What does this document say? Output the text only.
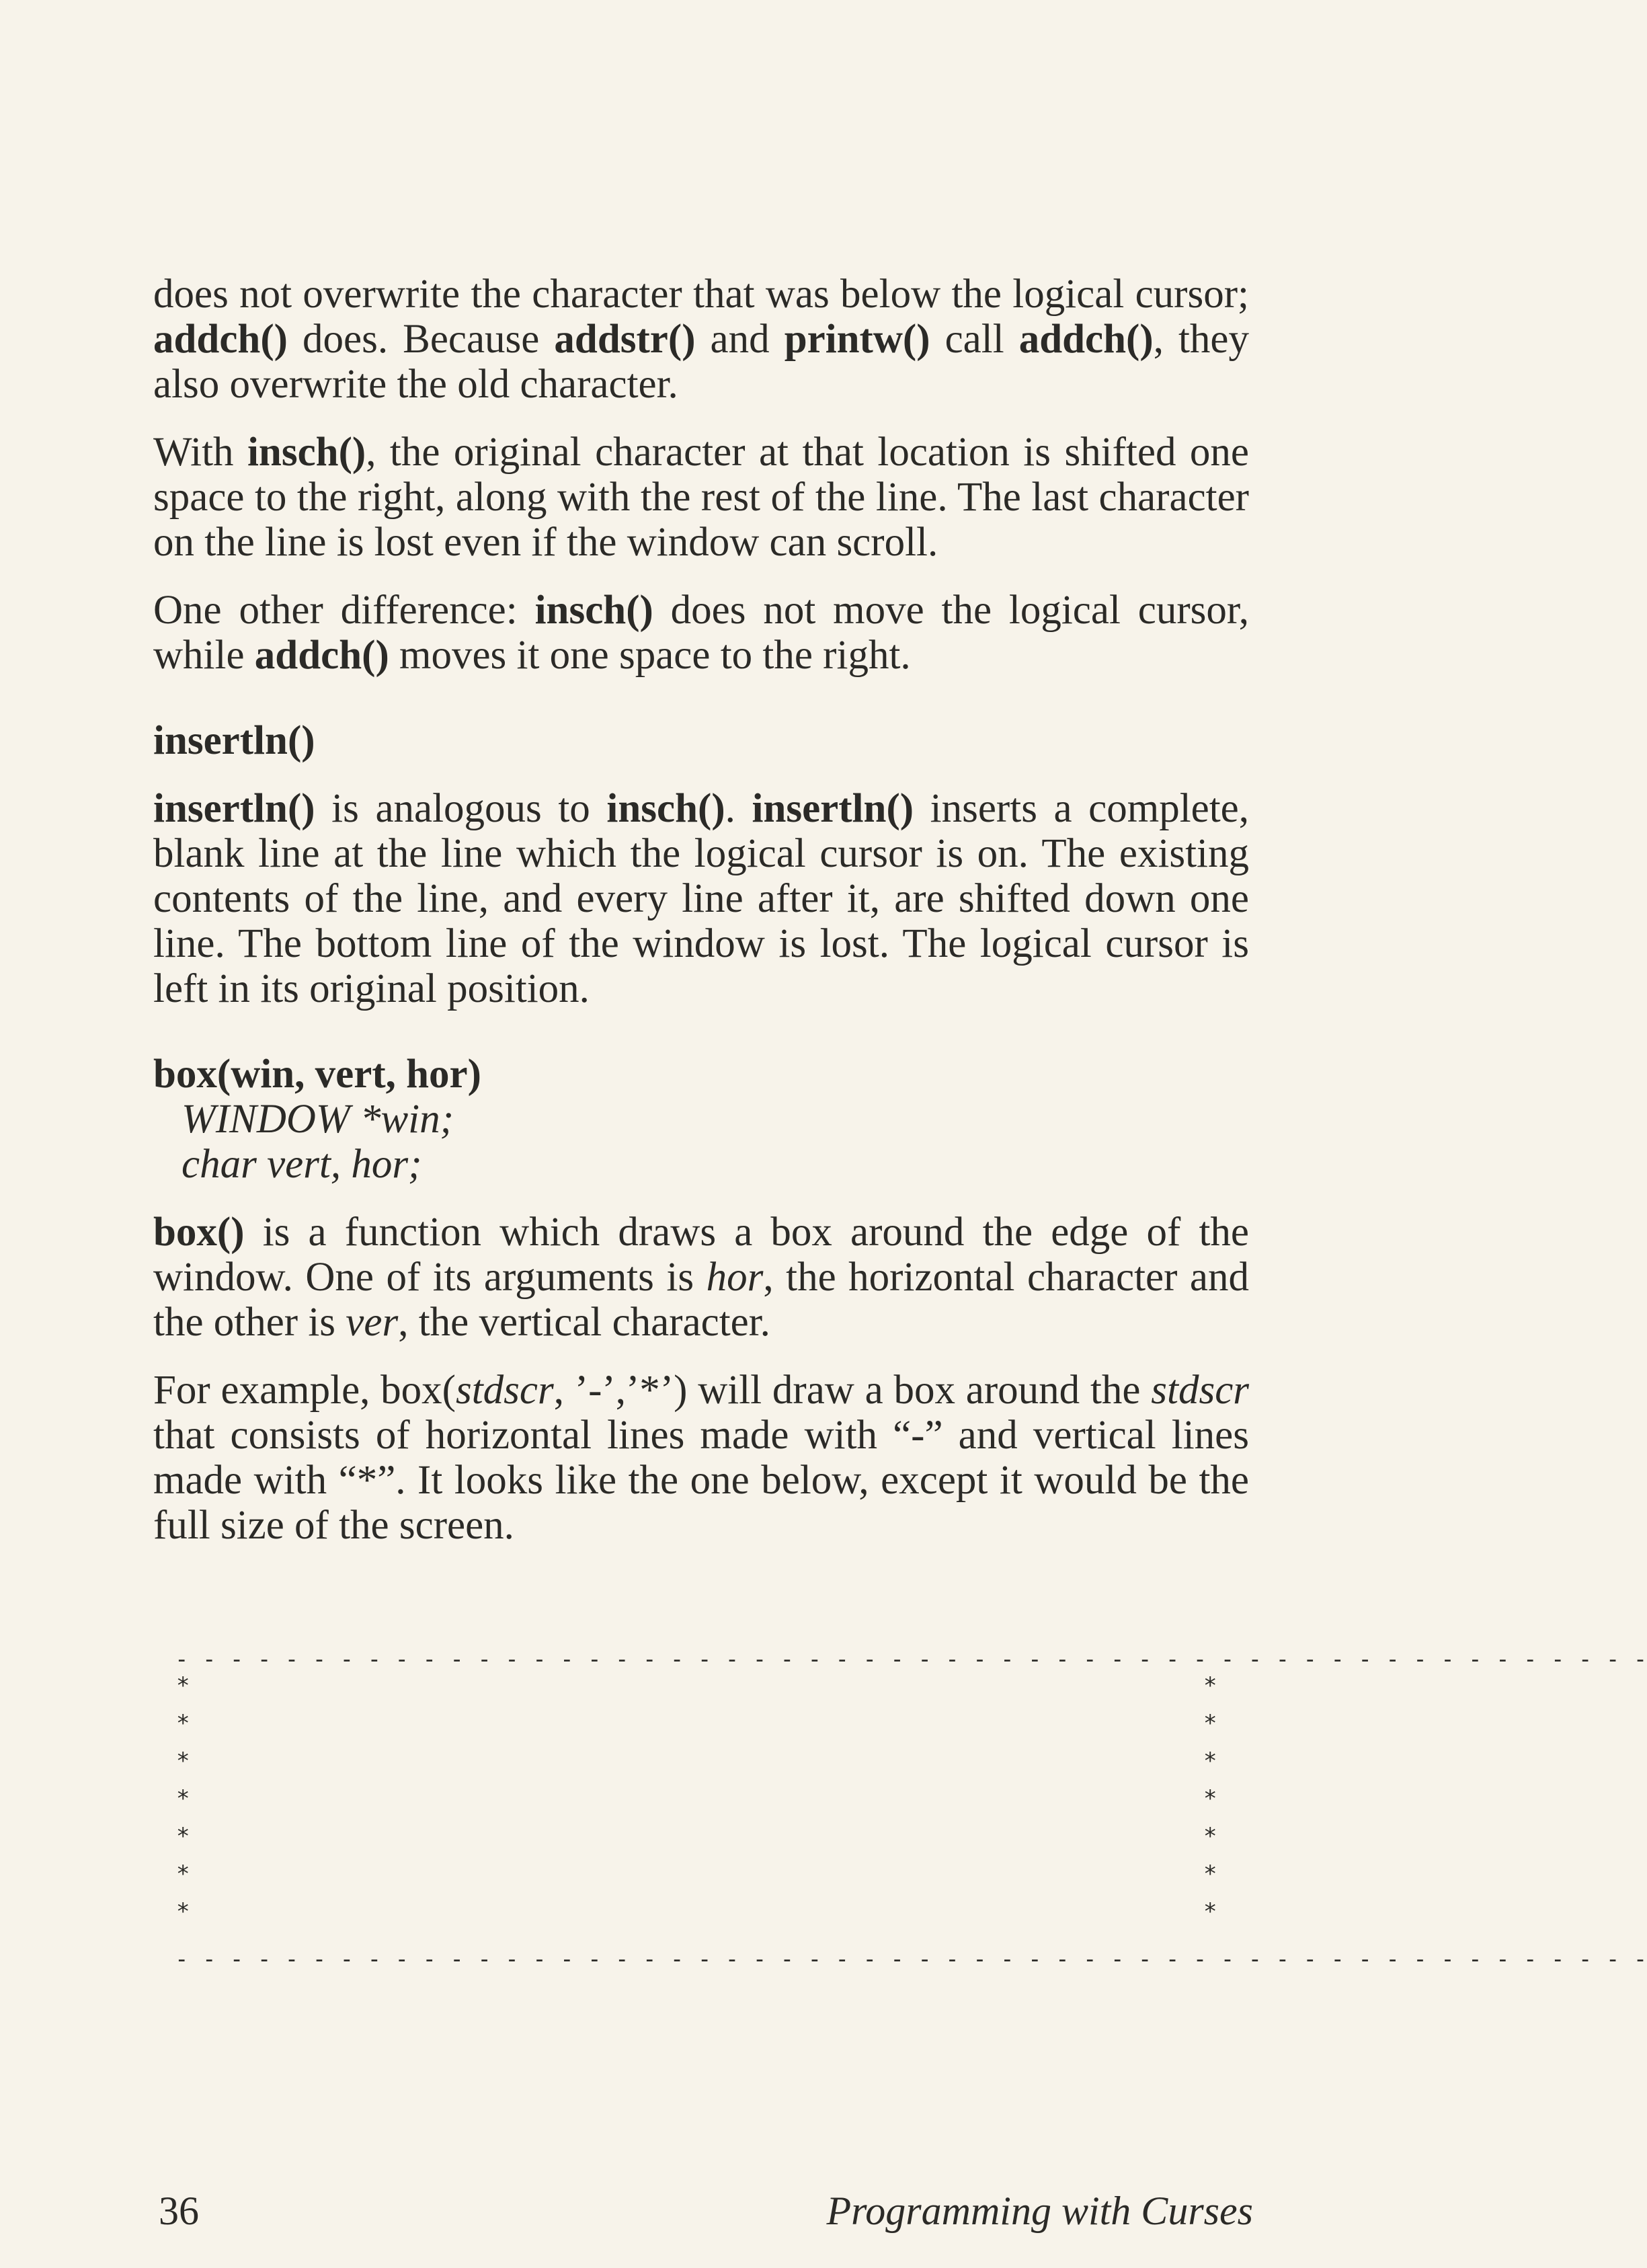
does not overwrite the character that was below the logical cursor; addch() does. Because addstr() and printw() call addch(), they also overwrite the old character.

With insch(), the original character at that location is shifted one space to the right, along with the rest of the line. The last character on the line is lost even if the window can scroll.

One other difference: insch() does not move the logical cursor, while addch() moves it one space to the right.

insertln()

insertln() is analogous to insch(). insertln() inserts a complete, blank line at the line which the logical cursor is on. The existing contents of the line, and every line after it, are shifted down one line. The bottom line of the window is lost. The logical cursor is left in its original position.

box(win, vert, hor)
WINDOW *win;
char vert, hor;

box() is a function which draws a box around the edge of the window. One of its arguments is hor, the horizontal character and the other is ver, the vertical character.

For example, box(stdscr, ’-’,’*’) will draw a box around the stdscr that consists of horizontal lines made with “-” and vertical lines made with “*”. It looks like the one below, except it would be the full size of the screen.

- - - - - - - - - - - - - - - - - - - - - - - - - - - - - - - - - - - - - - - - - - - - - - - - - - - - - -
*
*
*
*
*
*
*
*
*
*
*
*
*
*
- - - - - - - - - - - - - - - - - - - - - - - - - - - - - - - - - - - - - - - - - - - - - - - - - - - - - -
36	Programming with Curses
